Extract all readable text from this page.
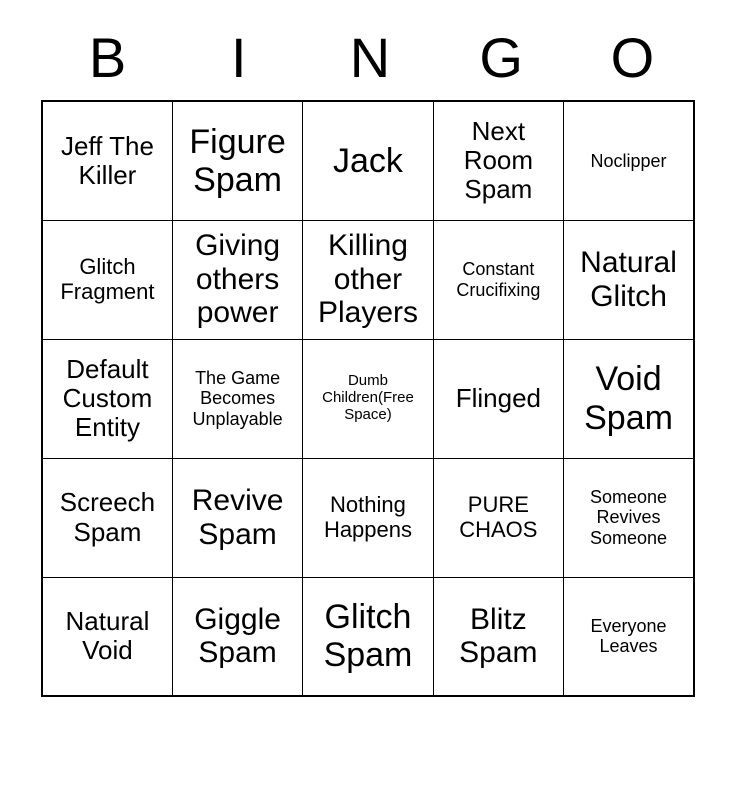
B	I	N	G	O
Jeff The Killer	Figure Spam	Jack	Next Room Spam	Noclipper
Glitch Fragment	Giving others power	Killing other Players	Constant Crucifixing	Natural Glitch
Default Custom Entity	The Game Becomes Unplayable	Dumb Children(Free Space)	Flinged	Void Spam
Screech Spam	Revive Spam	Nothing Happens	PURE CHAOS	Someone Revives Someone
Natural Void	Giggle Spam	Glitch Spam	Blitz Spam	Everyone Leaves
